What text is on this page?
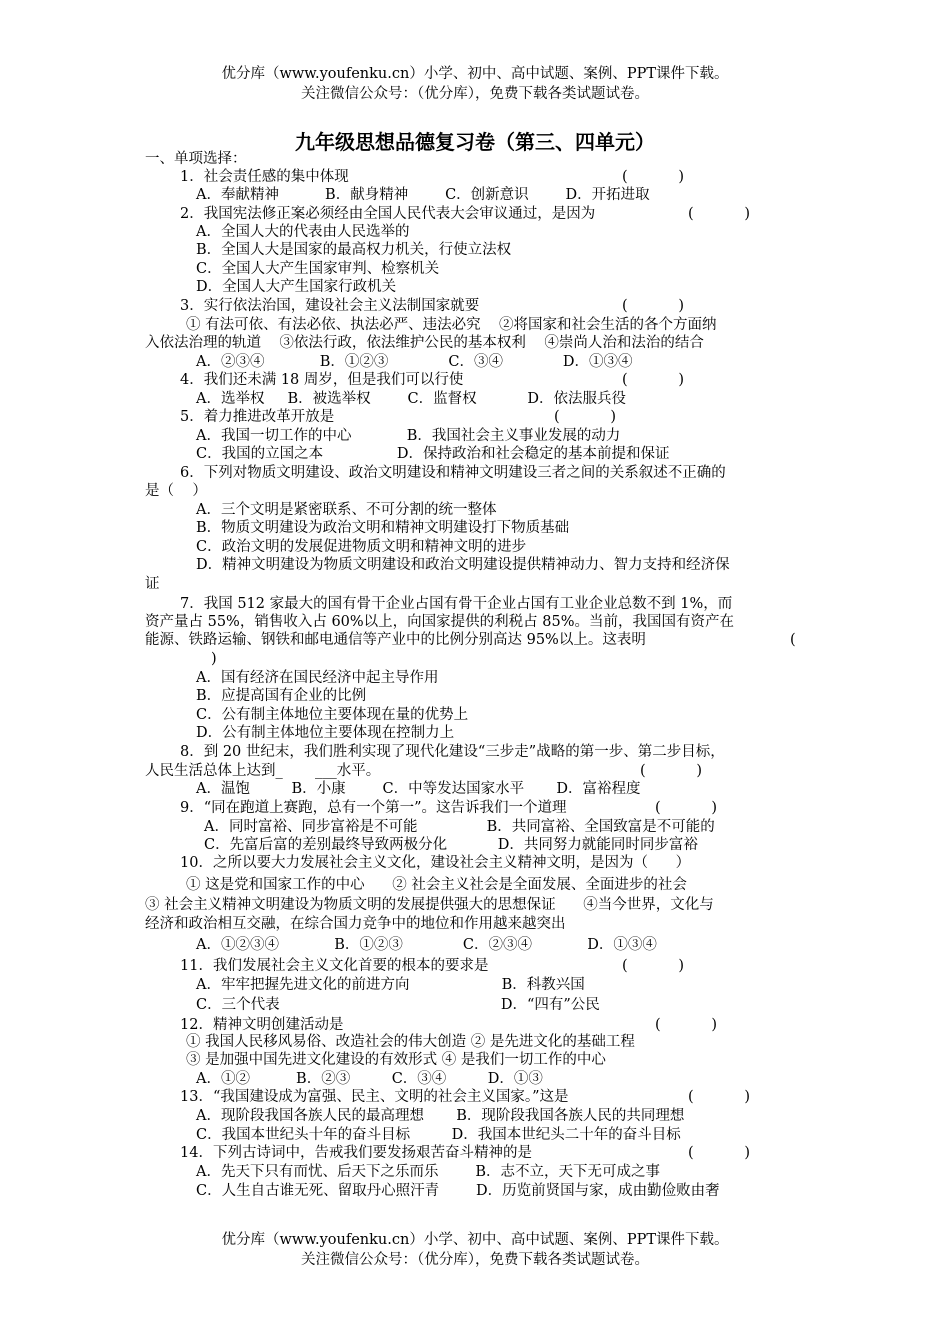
优分库（www.youfenku.cn）小学、初中、高中试题、案例、PPT课件下载。
关注微信公众号：（优分库），免费下载各类试题试卷。
九年级思想品德复习卷（第三、四单元）
一、单项选择：
1．社会责任感的集中体现	(           )
A．奉献精神          B．献身精神        C．创新意识        D．开拓进取
2．我国宪法修正案必须经由全国人民代表大会审议通过，是因为	(           )
A．全国人大的代表由人民选举的
B．全国人大是国家的最高权力机关，行使立法权
C．全国人大产生国家审判、检察机关
D．全国人大产生国家行政机关
3．实行依法治国，建设社会主义法制国家就要	(           )
① 有法可依、有法必依、执法必严、违法必究    ②将国家和社会生活的各个方面纳
入依法治理的轨道    ③依法行政，依法维护公民的基本权利    ④崇尚人治和法治的结合
A．②③④            B．①②③             C．③④             D．①③④
4．我们还未满 18 周岁，但是我们可以行使	(           )
A．选举权     B．被选举权        C．监督权           D．依法服兵役
5．着力推进改革开放是	(           )
A．我国一切工作的中心            B．我国社会主义事业发展的动力
C．我国的立国之本                D．保持政治和社会稳定的基本前提和保证
6．下列对物质文明建设、政治文明建设和精神文明建设三者之间的关系叙述不正确的
是（    ）
A．三个文明是紧密联系、不可分割的统一整体
B．物质文明建设为政治文明和精神文明建设打下物质基础
C．政治文明的发展促进物质文明和精神文明的进步
D．精神文明建设为物质文明建设和政治文明建设提供精神动力、智力支持和经济保
证
7．我国 512 家最大的国有骨干企业占国有骨干企业占国有工业企业总数不到 1%，而
资产量占 55%，销售收入占 60%以上，向国家提供的利税占 85%。当前，我国国有资产在
能源、铁路运输、钢铁和邮电通信等产业中的比例分别高达 95%以上。这表明	(
)
A．国有经济在国民经济中起主导作用
B．应提高国有企业的比例
C．公有制主体地位主要体现在量的优势上
D．公有制主体地位主要体现在控制力上
8．到 20 世纪末，我们胜利实现了现代化建设“三步走”战略的第一步、第二步目标，
人民生活总体上达到_       ___水平。	(           )
A．温饱         B．小康        C．中等发达国家水平       D．富裕程度
9．“同在跑道上赛跑，总有一个第一”。这告诉我们一个道理	(           )
A．同时富裕、同步富裕是不可能               B．共同富裕、全国致富是不可能的
C．先富后富的差别最终导致两极分化           D．共同努力就能同时同步富裕
10．之所以要大力发展社会主义文化，建设社会主义精神文明，是因为（      ）
① 这是党和国家工作的中心      ② 社会主义社会是全面发展、全面进步的社会
③ 社会主义精神文明建设为物质文明的发展提供强大的思想保证      ④当今世界，文化与
经济和政治相互交融，在综合国力竞争中的地位和作用越来越突出
A．①②③④            B．①②③             C．②③④            D．①③④
11．我们发展社会主义文化首要的根本的要求是	(           )
A．牢牢把握先进文化的前进方向                    B．科教兴国
C．三个代表                                                D．“四有”公民
12．精神文明创建活动是	(           )
① 我国人民移风易俗、改造社会的伟大创造 ② 是先进文化的基础工程
③ 是加强中国先进文化建设的有效形式 ④ 是我们一切工作的中心
A．①②          B．②③         C．③④         D．①③
13．“我国建设成为富强、民主、文明的社会主义国家。”这是	(           )
A．现阶段我国各族人民的最高理想       B．现阶段我国各族人民的共同理想
C．我国本世纪头十年的奋斗目标         D．我国本世纪头二十年的奋斗目标
14．下列古诗词中，告戒我们要发扬艰苦奋斗精神的是	(           )
A．先天下只有而忧、后天下之乐而乐        B．志不立，天下无可成之事
C．人生自古谁无死、留取丹心照汗青        D．历览前贤国与家，成由勤俭败由奢
优分库（www.youfenku.cn）小学、初中、高中试题、案例、PPT课件下载。
关注微信公众号：（优分库），免费下载各类试题试卷。
